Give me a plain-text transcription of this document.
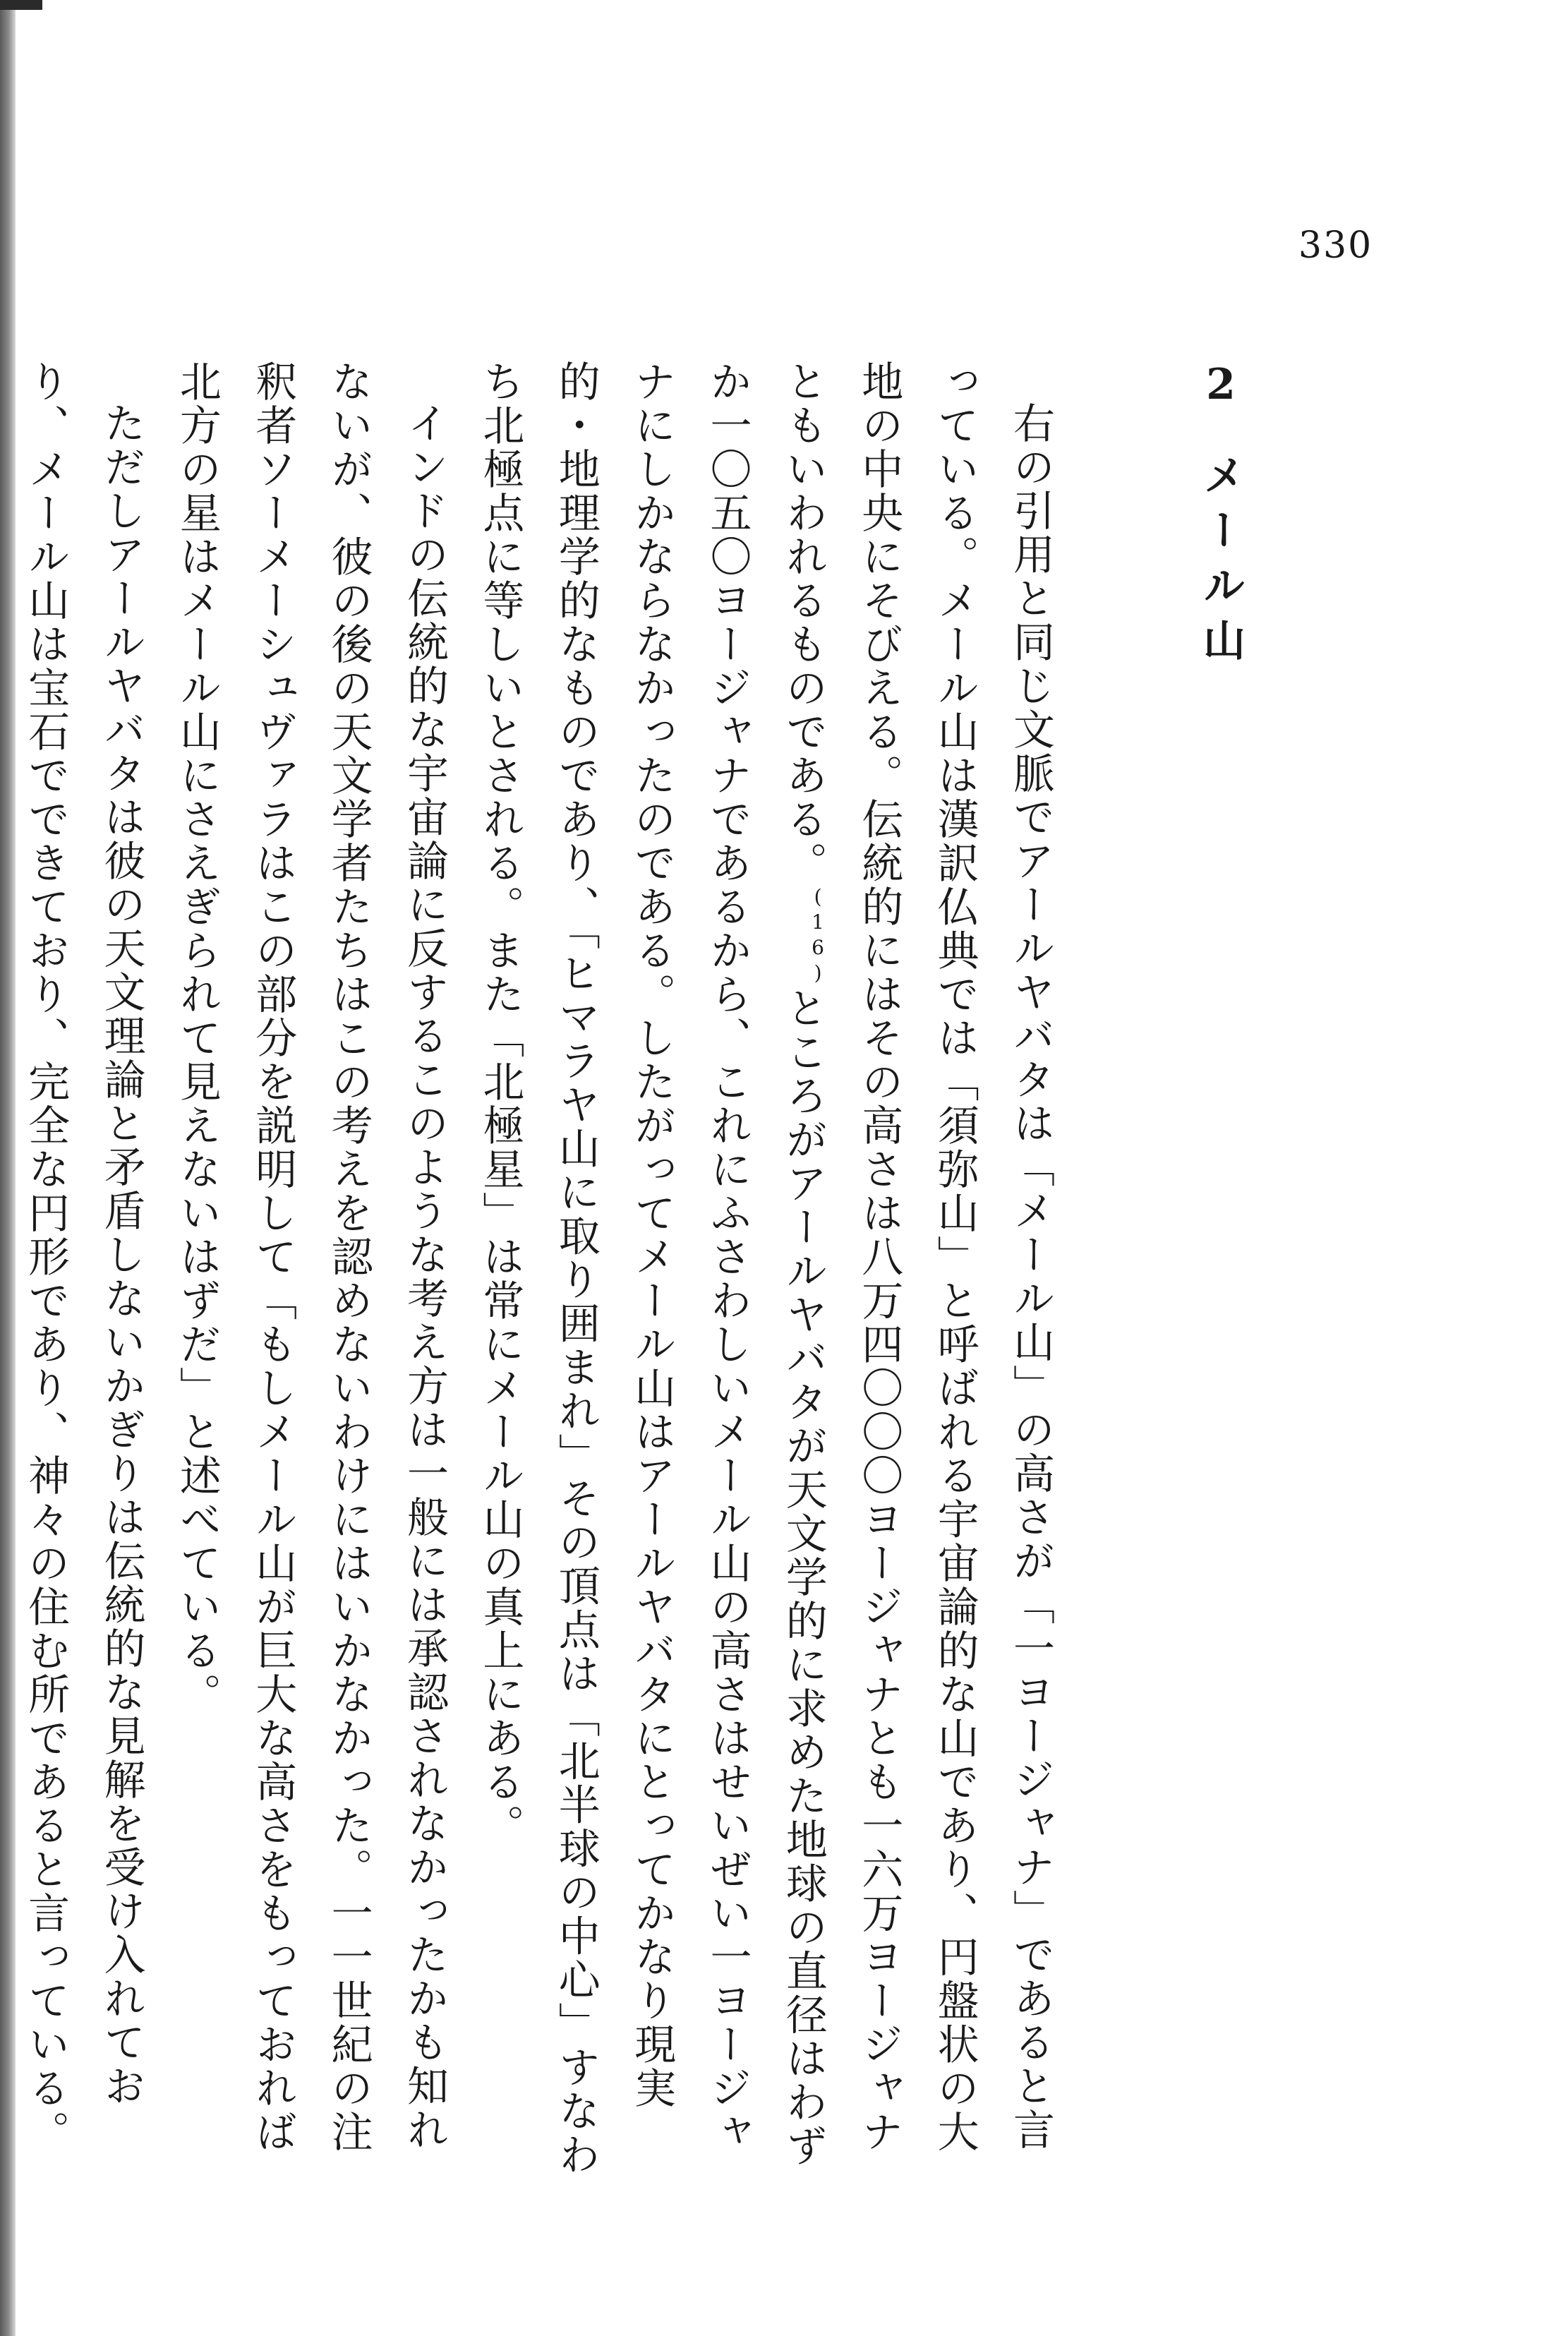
330
2メール山

右の引用と同じ文脈でアールヤバタは「メール山」の高さが「一ヨージャナ」であると言っている。メール山は漢訳仏典では「須弥山」と呼ばれる宇宙論的な山であり、円盤状の大地の中央にそびえる。伝統的にはその高さは八万四〇〇〇ヨージャナとも一六万ヨージャナともいわれるものである。$^{(16)}$ところがアールヤバタが天文学的に求めた地球の直径はわずか一〇五〇ヨージャナであるから、これにふさわしいメール山の高さはせいぜい一ヨージャナにしかならなかったのである。したがってメール山はアールヤバタにとってかなり現実的・地理学的なものであり、「ヒマラヤ山に取り囲まれ」その頂点は「北半球の中心」すなわち北極点に等しいとされる。また「北極星」は常にメール山の真上にある。

インドの伝統的な宇宙論に反するこのような考え方は一般には承認されなかったかも知れないが、彼の後の天文学者たちはこの考えを認めないわけにはいかなかった。一一世紀の注釈者ソーメーシュヴァラはこの部分を説明して「もしメール山が巨大な高さをもっておれば北方の星はメール山にさえぎられて見えないはずだ」と述べている。

ただしアールヤバタは彼の天文理論と矛盾しないかぎりは伝統的な見解を受け入れており、メール山は宝石でできており、完全な円形であり、神々の住む所であると言っている。
